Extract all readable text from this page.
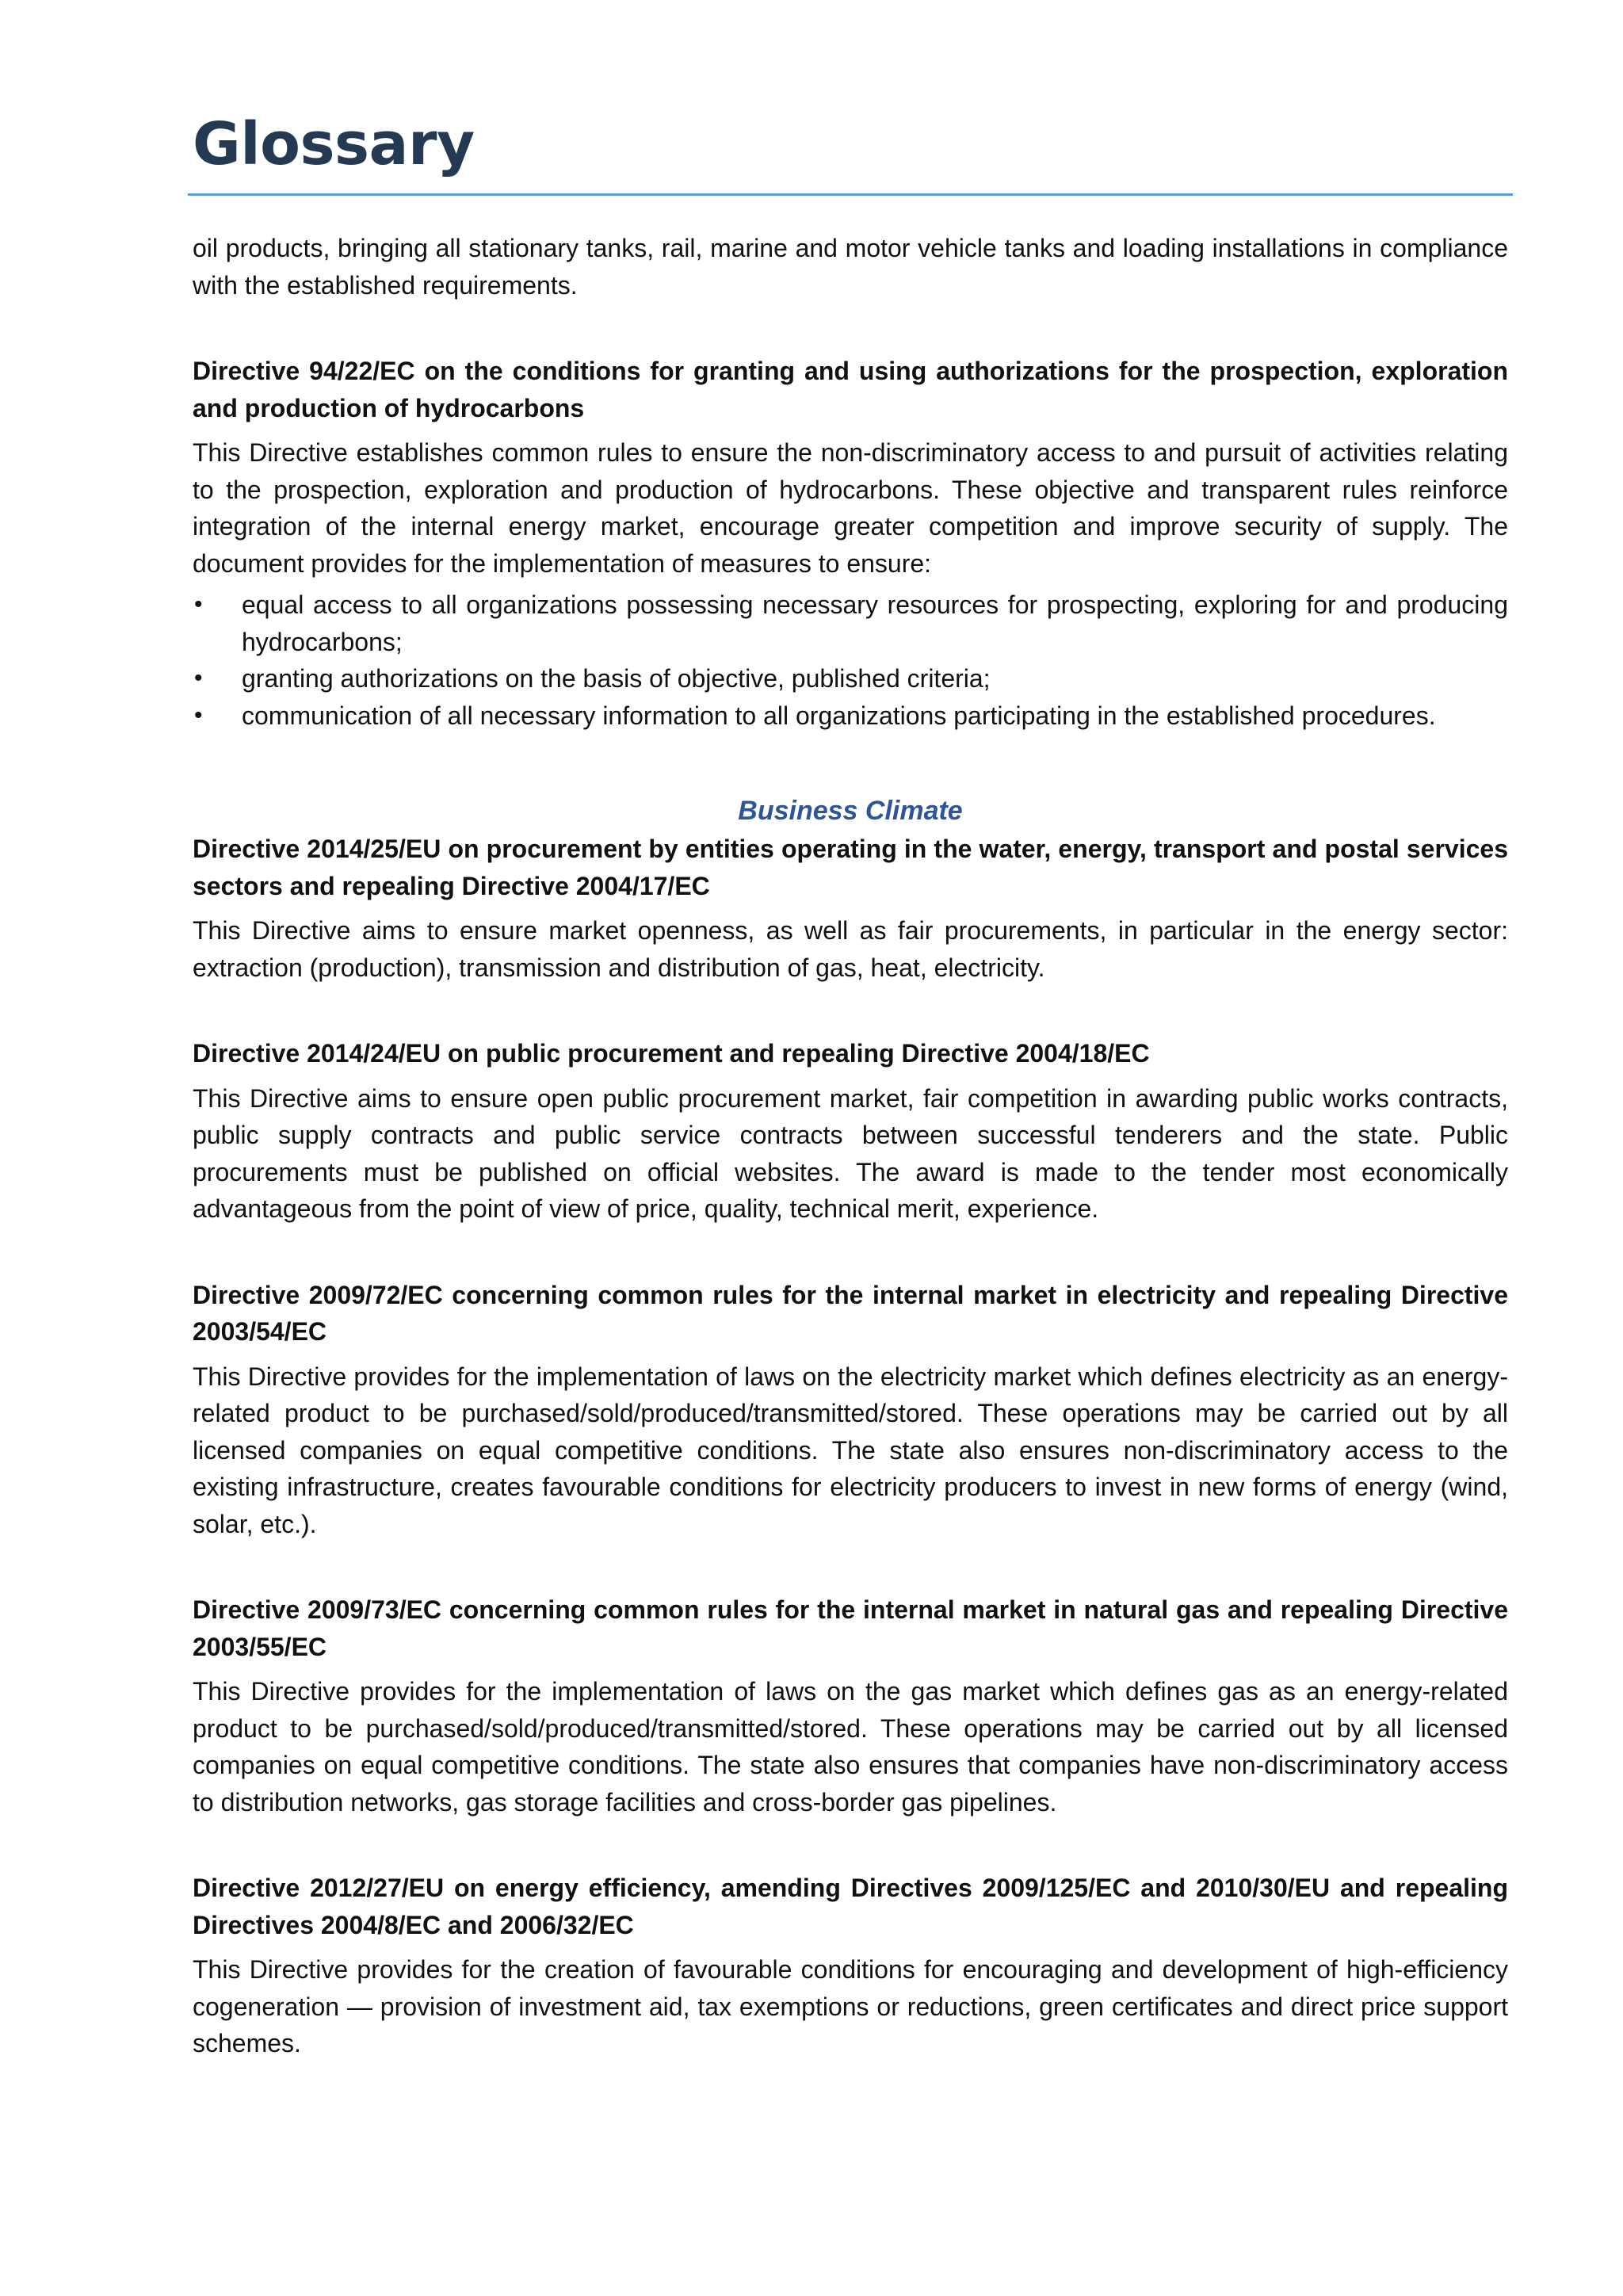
Glossary

oil products, bringing all stationary tanks, rail, marine and motor vehicle tanks and loading installations in compliance with the established requirements.

Directive 94/22/EC on the conditions for granting and using authorizations for the prospection, exploration and production of hydrocarbons

This Directive establishes common rules to ensure the non-discriminatory access to and pursuit of activities relating to the prospection, exploration and production of hydrocarbons. These objective and transparent rules reinforce integration of the internal energy market, encourage greater competition and improve security of supply. The document provides for the implementation of measures to ensure:

• equal access to all organizations possessing necessary resources for prospecting, exploring for and producing hydrocarbons;
• granting authorizations on the basis of objective, published criteria;
• communication of all necessary information to all organizations participating in the established procedures.

Business Climate

Directive 2014/25/EU on procurement by entities operating in the water, energy, transport and postal services sectors and repealing Directive 2004/17/EC

This Directive aims to ensure market openness, as well as fair procurements, in particular in the energy sector: extraction (production), transmission and distribution of gas, heat, electricity.

Directive 2014/24/EU on public procurement and repealing Directive 2004/18/EC

This Directive aims to ensure open public procurement market, fair competition in awarding public works contracts, public supply contracts and public service contracts between successful tenderers and the state. Public procurements must be published on official websites. The award is made to the tender most economically advantageous from the point of view of price, quality, technical merit, experience.

Directive 2009/72/EC concerning common rules for the internal market in electricity and repealing Directive 2003/54/EC

This Directive provides for the implementation of laws on the electricity market which defines electricity as an energy-related product to be purchased/sold/produced/transmitted/stored. These operations may be carried out by all licensed companies on equal competitive conditions. The state also ensures non-discriminatory access to the existing infrastructure, creates favourable conditions for electricity producers to invest in new forms of energy (wind, solar, etc.).

Directive 2009/73/EC concerning common rules for the internal market in natural gas and repealing Directive 2003/55/EC

This Directive provides for the implementation of laws on the gas market which defines gas as an energy-related product to be purchased/sold/produced/transmitted/stored. These operations may be carried out by all licensed companies on equal competitive conditions. The state also ensures that companies have non-discriminatory access to distribution networks, gas storage facilities and cross-border gas pipelines.

Directive 2012/27/EU on energy efficiency, amending Directives 2009/125/EC and 2010/30/EU and repealing Directives 2004/8/EC and 2006/32/EC

This Directive provides for the creation of favourable conditions for encouraging and development of high-efficiency cogeneration — provision of investment aid, tax exemptions or reductions, green certificates and direct price support schemes.
